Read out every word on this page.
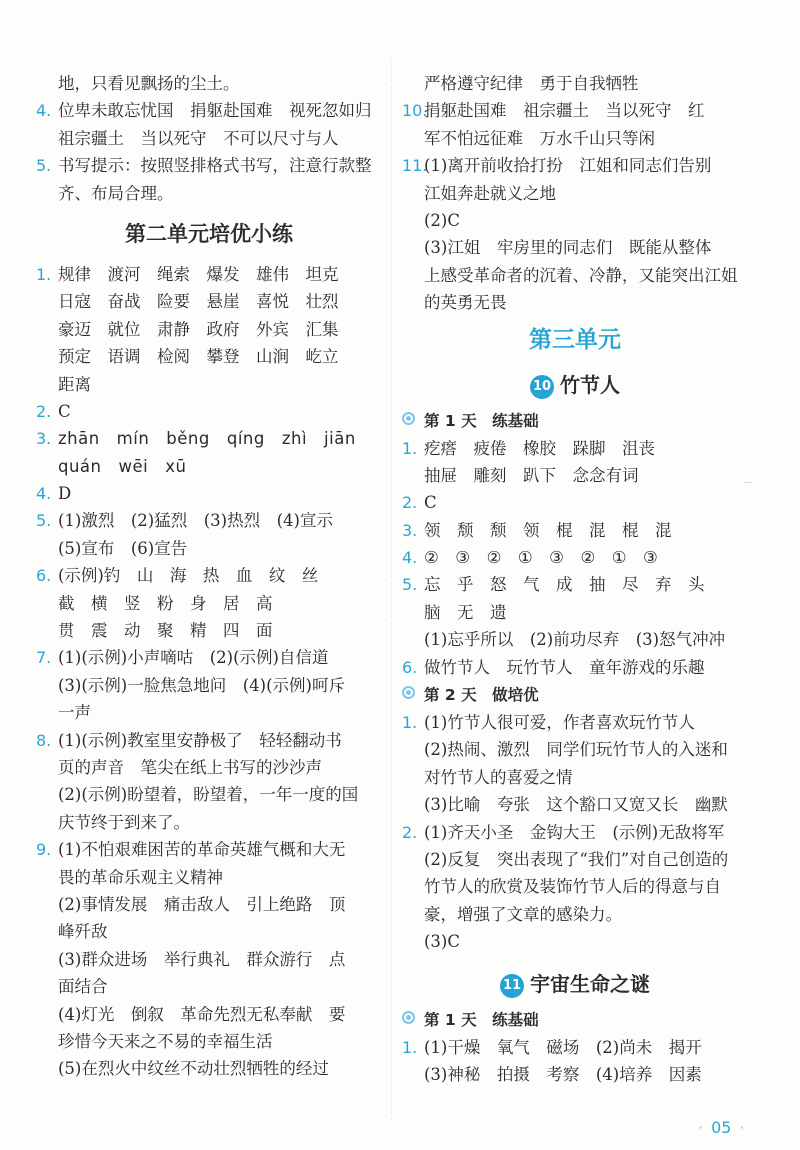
地，只看见飘扬的尘土。
4. 位卑未敢忘忧国　捐躯赴国难　视死忽如归
祖宗疆土　当以死守　不可以尺寸与人
5. 书写提示：按照竖排格式书写，注意行款整
齐、布局合理。
第二单元培优小练
1. 规律　渡河　绳索　爆发　雄伟　坦克
日寇　奋战　险要　悬崖　喜悦　壮烈
豪迈　就位　肃静　政府　外宾　汇集
预定　语调　检阅　攀登　山涧　屹立
距离
2. C
3. zhān　mín　běng　qíng　zhì　jiān
quán　wēi　xū
4. D
5. (1)激烈　(2)猛烈　(3)热烈　(4)宣示
(5)宣布　(6)宣告
6. (示例)钓　山　海　热　血　纹　丝
截　横　竖　粉　身　居　高
贯　震　动　聚　精　四　面
7. (1)(示例)小声嘀咕　(2)(示例)自信道
(3)(示例)一脸焦急地问　(4)(示例)呵斥
一声
8. (1)(示例)教室里安静极了　轻轻翻动书
页的声音　笔尖在纸上书写的沙沙声
(2)(示例)盼望着，盼望着，一年一度的国
庆节终于到来了。
9. (1)不怕艰难困苦的革命英雄气概和大无
畏的革命乐观主义精神
(2)事情发展　痛击敌人　引上绝路　顶
峰歼敌
(3)群众进场　举行典礼　群众游行　点
面结合
(4)灯光　倒叙　革命先烈无私奉献　要
珍惜今天来之不易的幸福生活
(5)在烈火中纹丝不动壮烈牺牲的经过
严格遵守纪律　勇于自我牺牲
10.捐躯赴国难　祖宗疆土　当以死守　红
军不怕远征难　万水千山只等闲
11.(1)离开前收拾打扮　江姐和同志们告别
江姐奔赴就义之地
(2)C
(3)江姐　牢房里的同志们　既能从整体
上感受革命者的沉着、冷静，又能突出江姐
的英勇无畏
第三单元
10 竹节人
第 1 天　练基础
1. 疙瘩　疲倦　橡胶　跺脚　沮丧
抽屉　雕刻　趴下　念念有词
2. C
3. 领　颓　颓　领　棍　混　棍　混
4. ②　③　②　①　③　②　①　③
5. 忘　乎　怒　气　成　抽　尽　弃　头
脑　无　遗
(1)忘乎所以　(2)前功尽弃　(3)怒气冲冲
6. 做竹节人　玩竹节人　童年游戏的乐趣
第 2 天　做培优
1. (1)竹节人很可爱，作者喜欢玩竹节人
(2)热闹、激烈　同学们玩竹节人的入迷和
对竹节人的喜爱之情
(3)比喻　夸张　这个豁口又宽又长　幽默
2. (1)齐天小圣　金钩大王　(示例)无敌将军
(2)反复　突出表现了“我们”对自己创造的
竹节人的欣赏及装饰竹节人后的得意与自
豪，增强了文章的感染力。
(3)C
11 宇宙生命之谜
第 1 天　练基础
1. (1)干燥　氧气　磁场　(2)尚未　揭开
(3)神秘　拍摄　考察　(4)培养　因素
· 05 ·
